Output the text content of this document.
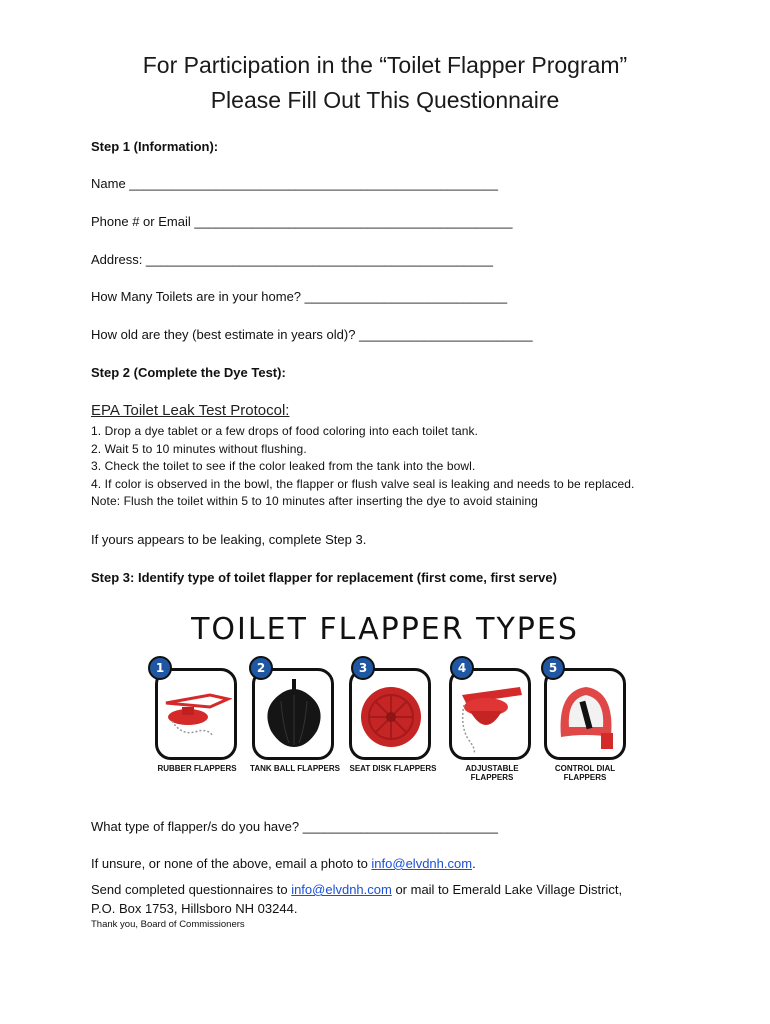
For Participation in the “Toilet Flapper Program”
Please Fill Out This Questionnaire
Step 1 (Information):
Name ___________________________________________________
Phone # or Email ____________________________________________
Address: ________________________________________________
How Many Toilets are in your home? ____________________________
How old are they (best estimate in years old)? ________________________
Step 2 (Complete the Dye Test):
EPA Toilet Leak Test Protocol:
1. Drop a dye tablet or a few drops of food coloring into each toilet tank.
2. Wait 5 to 10 minutes without flushing.
3. Check the toilet to see if the color leaked from the tank into the bowl.
4. If color is observed in the bowl, the flapper or flush valve seal is leaking and needs to be replaced.
Note: Flush the toilet within 5 to 10 minutes after inserting the dye to avoid staining
If yours appears to be leaking, complete Step 3.
Step 3: Identify type of toilet flapper for replacement (first come, first serve)
TOILET FLAPPER TYPES
1	2	3	4	5
RUBBER FLAPPERS	TANK BALL FLAPPERS	SEAT DISK FLAPPERS	ADJUSTABLE
FLAPPERS
CONTROL DIAL
FLAPPERS
What type of flapper/s do you have? ___________________________
If unsure, or none of the above, email a photo to info@elvdnh.com.
Send completed questionnaires to info@elvdnh.com or mail to Emerald Lake Village District,
P.O. Box 1753, Hillsboro NH 03244.
Thank you, Board of Commissioners
